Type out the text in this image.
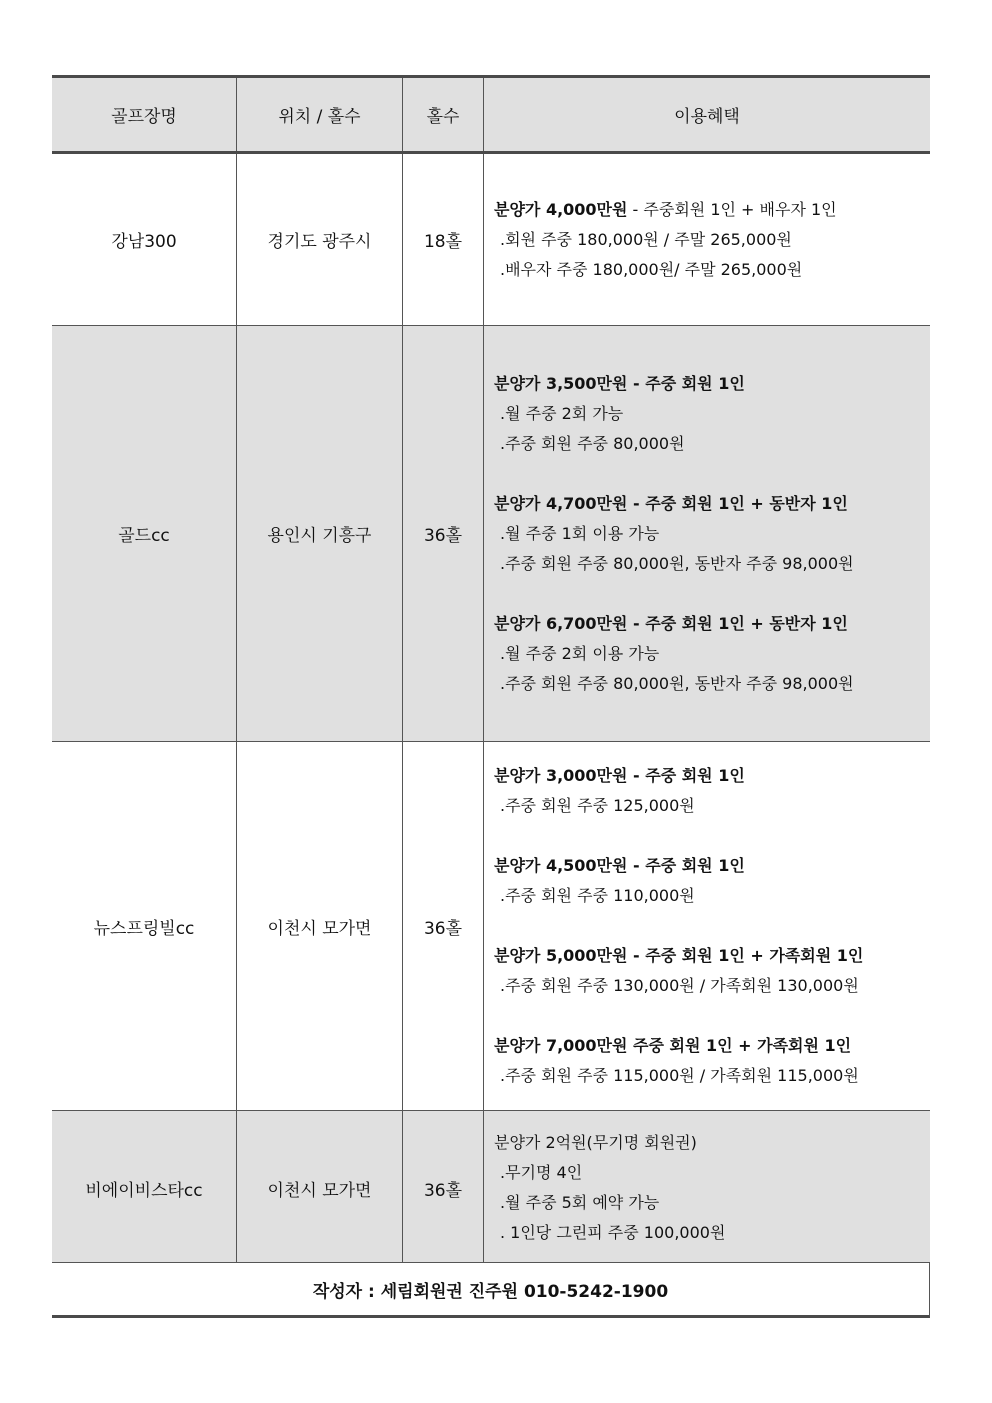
골프장명	위치 / 홀수	홀수	이용혜택
강남300	경기도 광주시	18홀
분양가 4,000만원 - 주중회원 1인 + 배우자 1인
.회원 주중 180,000원 / 주말 265,000원
.배우자 주중 180,000원/ 주말 265,000원
골드cc	용인시 기흥구	36홀
분양가 3,500만원 - 주중 회원 1인
.월 주중 2회 가능
.주중 회원 주중 80,000원
분양가 4,700만원 - 주중 회원 1인 + 동반자 1인
.월 주중 1회 이용 가능
.주중 회원 주중 80,000원, 동반자 주중 98,000원
분양가 6,700만원 - 주중 회원 1인 + 동반자 1인
.월 주중 2회 이용 가능
.주중 회원 주중 80,000원, 동반자 주중 98,000원
뉴스프링빌cc	이천시 모가면	36홀
분양가 3,000만원 - 주중 회원 1인
.주중 회원 주중 125,000원
분양가 4,500만원 - 주중 회원 1인
.주중 회원 주중 110,000원
분양가 5,000만원 - 주중 회원 1인 + 가족회원 1인
.주중 회원 주중 130,000원 / 가족회원 130,000원
분양가 7,000만원 주중 회원 1인 + 가족회원 1인
.주중 회원 주중 115,000원 / 가족회원 115,000원
비에이비스타cc	이천시 모가면	36홀
분양가 2억원(무기명 회원권)
.무기명 4인
.월 주중 5회 예약 가능
. 1인당 그린피 주중 100,000원
작성자 : 세림회원권 진주원 010-5242-1900
